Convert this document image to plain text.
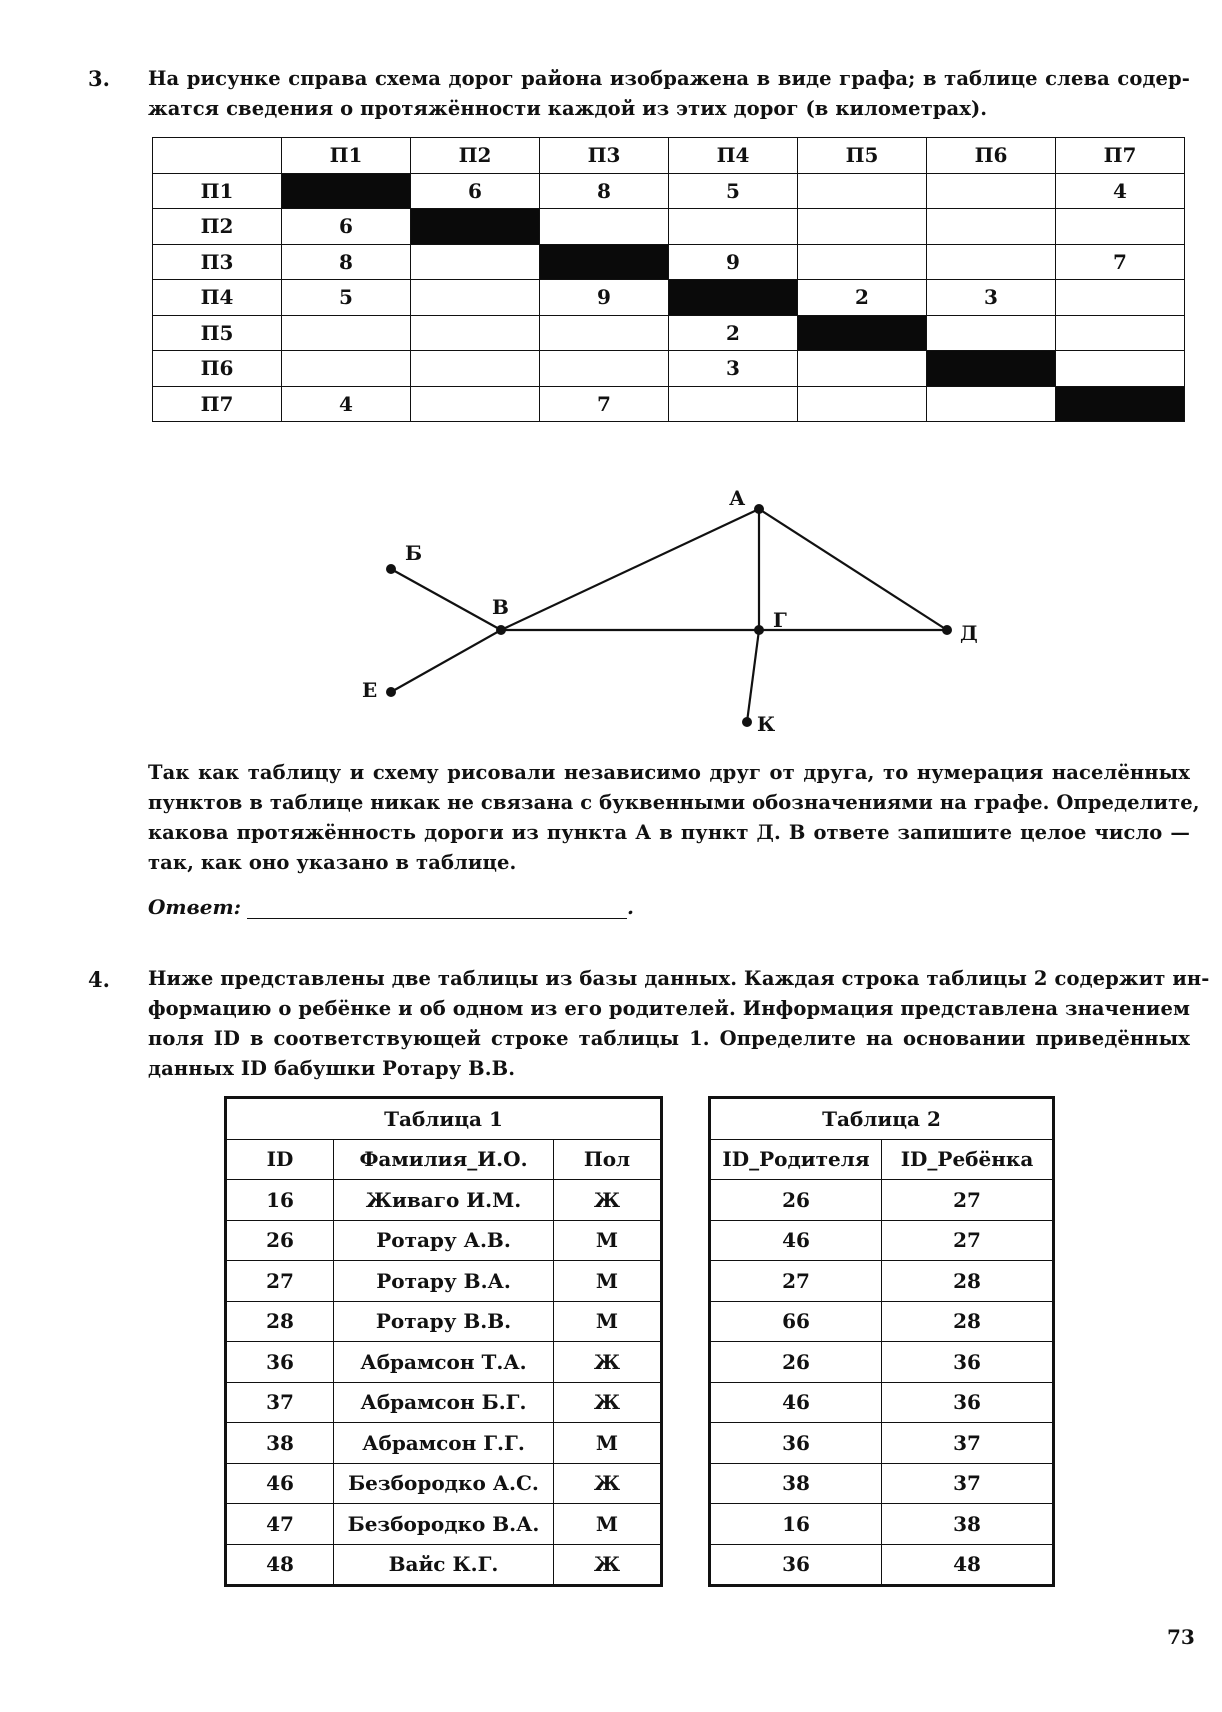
3. На рисунке справа схема дорог района изображена в виде графа; в таблице слева содер-
жатся сведения о протяжённости каждой из этих дорог (в километрах).
	П1	П2	П3	П4	П5	П6	П7
П1		6	8	5			4
П2	6						
П3	8			9			7
П4	5		9		2	3	
П5				2			
П6				3			
П7	4		7				
А
Б
В
Г
Д
Е
К
Так как таблицу и схему рисовали независимо друг от друга, то нумерация населённых
пунктов в таблице никак не связана с буквенными обозначениями на графе. Определите,
какова протяжённость дороги из пункта А в пункт Д. В ответе запишите целое число —
так, как оно указано в таблице.
Ответ:	.
4. Ниже представлены две таблицы из базы данных. Каждая строка таблицы 2 содержит ин-
формацию о ребёнке и об одном из его родителей. Информация представлена значением
поля ID в соответствующей строке таблицы 1. Определите на основании приведённых
данных ID бабушки Ротару В.В.
Таблица 1		
ID	Фамилия_И.О.	Пол
16	Живаго И.М.	Ж
26	Ротару А.В.	М
27	Ротару В.А.	М
28	Ротару В.В.	М
36	Абрамсон Т.А.	Ж
37	Абрамсон Б.Г.	Ж
38	Абрамсон Г.Г.	М
46	Безбородко А.С.	Ж
47	Безбородко В.А.	М
48	Вайс К.Г.	Ж
Таблица 2	
ID_Родителя	ID_Ребёнка
26	27
46	27
27	28
66	28
26	36
46	36
36	37
38	37
16	38
36	48
73
